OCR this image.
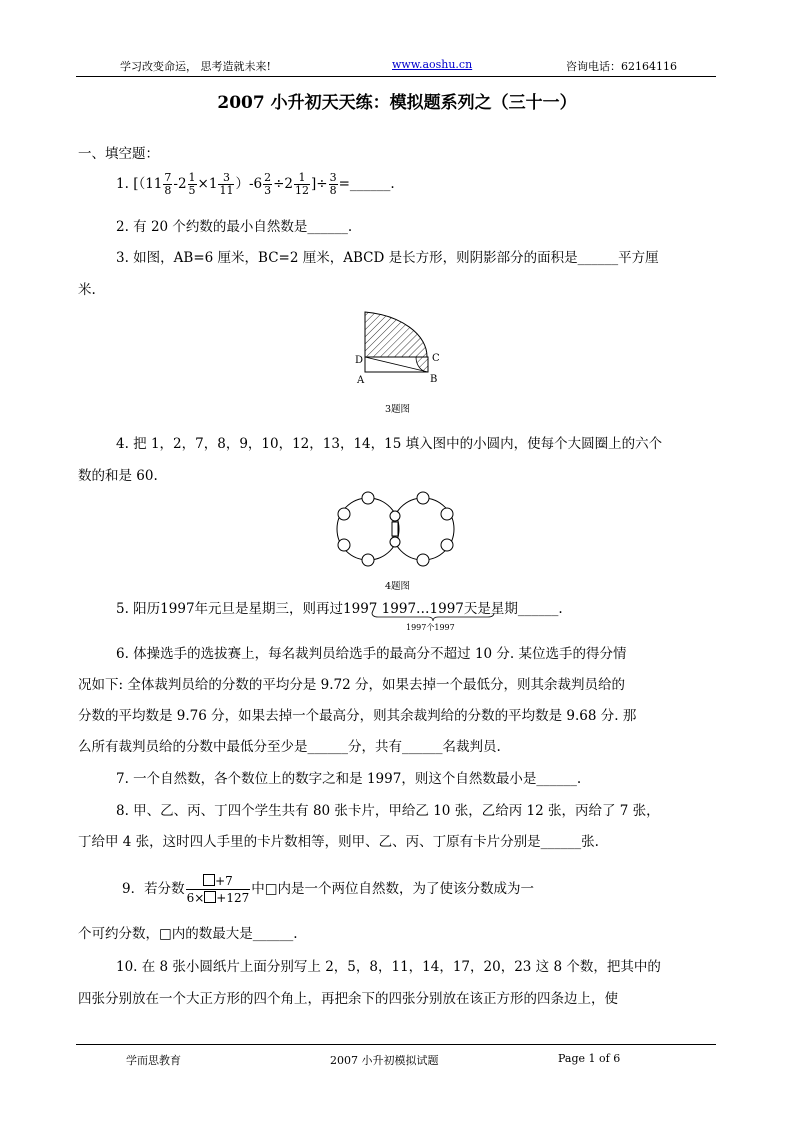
学习改变命运， 思考造就未来!	www.aoshu.cn	咨询电话：62164116
2007 小升初天天练：模拟题系列之（三十一）
一、填空题：
1. [$(11 \frac{7}{8} -2 \frac{1}{5} \times 1 \frac{3}{11} )-6 \frac{2}{3} \div 2 \frac{1}{12}$ ]÷ $\frac{3}{8}$ =______.
2. 有 20 个约数的最小自然数是______.
3. 如图，AB=6 厘米，BC=2 厘米，ABCD 是长方形，则阴影部分的面积是______平方厘
米.
D	C
A	B
3题图
4. 把 1，2，7，8，9，10，12，13，14，15 填入图中的小圆内，使每个大圆圈上的六个
数的和是 60.
4题图
5. 阳历1997年元旦是星期三，则再过1997 1997…1997天是星期______.
1997个1997
6. 体操选手的选拔赛上，每名裁判员给选手的最高分不超过 10 分. 某位选手的得分情
况如下: 全体裁判员给的分数的平均分是 9.72 分，如果去掉一个最低分，则其余裁判员给的
分数的平均数是 9.76 分，如果去掉一个最高分，则其余裁判给的分数的平均数是 9.68 分. 那
么所有裁判员给的分数中最低分至少是______分，共有______名裁判员.
7. 一个自然数，各个数位上的数字之和是 1997，则这个自然数最小是______.
8. 甲、乙、丙、丁四个学生共有 80 张卡片，甲给乙 10 张，乙给丙 12 张，丙给了 7 张，
丁给甲 4 张，这时四人手里的卡片数相等，则甲、乙、丙、丁原有卡片分别是______张.
9．若分数 $\frac{+7}{6\times +127}$ 中□内是一个两位自然数，为了使该分数成为一
个可约分数，□内的数最大是______.
10. 在 8 张小圆纸片上面分别写上 2，5，8，11，14，17，20，23 这 8 个数，把其中的
四张分别放在一个大正方形的四个角上，再把余下的四张分别放在该正方形的四条边上，使
学而思教育	2007 小升初模拟试题	Page 1 of 6
